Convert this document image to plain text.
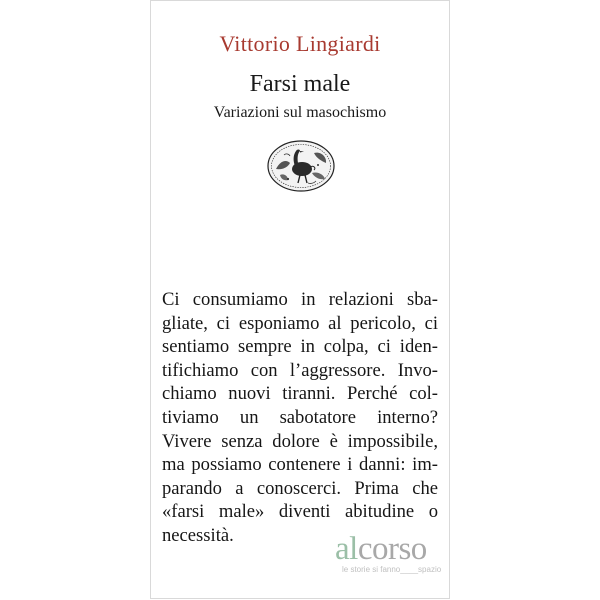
Vittorio Lingiardi
Farsi male
Variazioni sul masochismo
Ci consumiamo in relazioni sba-
gliate, ci esponiamo al pericolo, ci
sentiamo sempre in colpa, ci iden-
tifichiamo con l’aggressore. Invo-
chiamo nuovi tiranni. Perché col-
tiviamo un sabotatore interno?
Vivere senza dolore è impossibile,
ma possiamo contenere i danni: im-
parando a conoscerci. Prima che
«farsi male» diventi abitudine o
necessità.	alcorso
le storie si fanno____spazio
